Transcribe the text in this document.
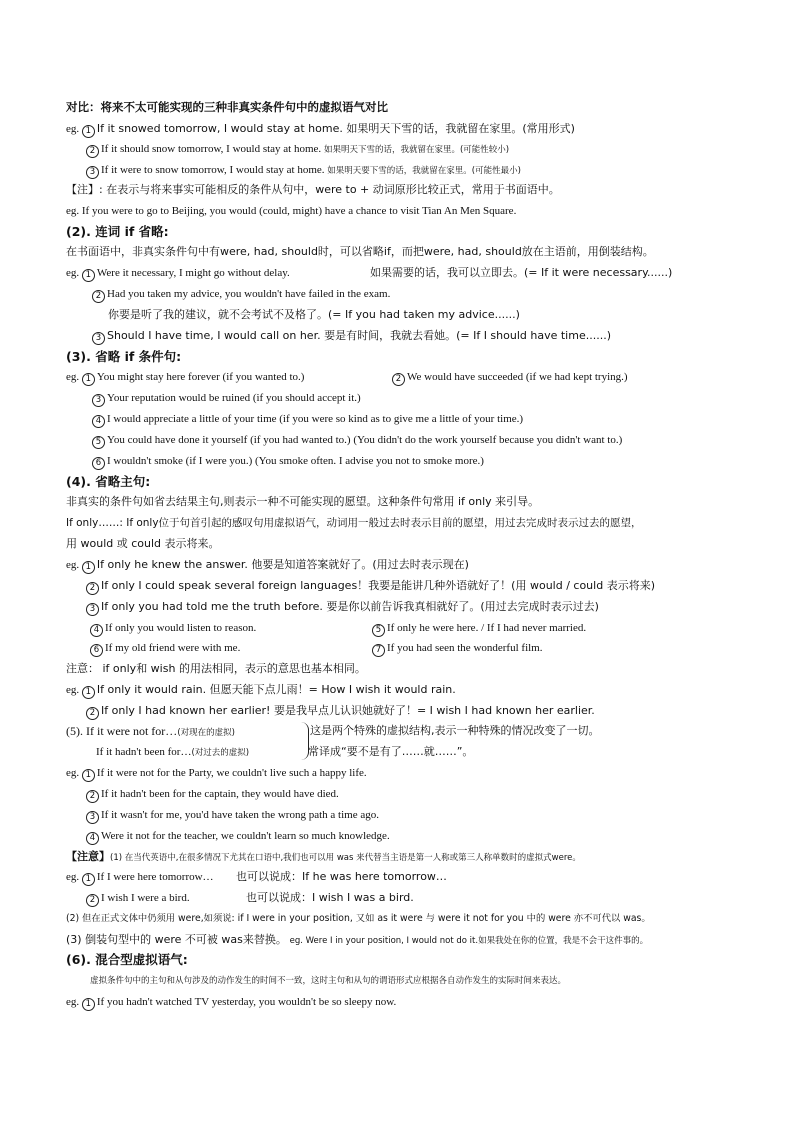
对比：将来不太可能实现的三种非真实条件句中的虚拟语气对比
eg. 1 If it snowed tomorrow, I would stay at home. 如果明天下雪的话，我就留在家里。(常用形式)
2 If it should snow tomorrow, I would stay at home. 如果明天下雪的话，我就留在家里。(可能性较小)
3 If it were to snow tomorrow, I would stay at home. 如果明天要下雪的话，我就留在家里。(可能性最小)
【注】: 在表示与将来事实可能相反的条件从句中，were to + 动词原形比较正式，常用于书面语中。
eg. If you were to go to Beijing, you would (could, might) have a chance to visit Tian An Men Square.
(2). 连词 if 省略:
在书面语中，非真实条件句中有were, had, should时，可以省略if，而把were, had, should放在主语前，用倒装结构。
eg. 1 Were it necessary, I might go without delay.	如果需要的话，我可以立即去。(= If it were necessary......)
2 Had you taken my advice, you wouldn't have failed in the exam.
你要是听了我的建议，就不会考试不及格了。(= If you had taken my advice......)
3 Should I have time, I would call on her. 要是有时间，我就去看她。(= If I should have time......)
(3). 省略 if 条件句:
eg. 1 You might stay here forever (if you wanted to.)	2 We would have succeeded (if we had kept trying.)
3 Your reputation would be ruined (if you should accept it.)
4 I would appreciate a little of your time (if you were so kind as to give me a little of your time.)
5 You could have done it yourself (if you had wanted to.) (You didn't do the work yourself because you didn't want to.)
6 I wouldn't smoke (if I were you.) (You smoke often. I advise you not to smoke more.)
(4). 省略主句:
非真实的条件句如省去结果主句,则表示一种不可能实现的愿望。这种条件句常用 if only 来引导。
If only……: If only位于句首引起的感叹句用虚拟语气，动词用一般过去时表示目前的愿望，用过去完成时表示过去的愿望，
用 would 或 could 表示将来。
eg. 1 If only he knew the answer. 他要是知道答案就好了。(用过去时表示现在)
2 If only I could speak several foreign languages！我要是能讲几种外语就好了！(用 would / could 表示将来)
3 If only you had told me the truth before. 要是你以前告诉我真相就好了。(用过去完成时表示过去)
4 If only you would listen to reason.	5 If only he were here. / If I had never married.
6 If my old friend were with me.	7 If you had seen the wonderful film.
注意： if only和 wish 的用法相同，表示的意思也基本相同。
eg. 1 If only it would rain. 但愿天能下点儿雨！= How I wish it would rain.
2 If only I had known her earlier! 要是我早点儿认识她就好了！= I wish I had known her earlier.
(5). If it were not for…(对现在的虚拟)
If it hadn't been for…(对过去的虚拟)
这是两个特殊的虚拟结构,表示一种特殊的情况改变了一切。
常译成“要不是有了……就……”。
eg. 1 If it were not for the Party, we couldn't live such a happy life.
2 If it hadn't been for the captain, they would have died.
3 If it wasn't for me, you'd have taken the wrong path a time ago.
4 Were it not for the teacher, we couldn't learn so much knowledge.
【注意】(1) 在当代英语中,在很多情况下尤其在口语中,我们也可以用 was 来代替当主语是第一人称或第三人称单数时的虚拟式were。
eg. 1 If I were here tomorrow… 也可以说成：If he was here tomorrow…
2 I wish I were a bird.	也可以说成：I wish I was a bird.
(2) 但在正式文体中仍须用 were,如须说: if I were in your position, 又如 as it were 与 were it not for you 中的 were 亦不可代以 was。
(3) 倒装句型中的 were 不可被 was来替换。 eg. Were I in your position, I would not do it.如果我处在你的位置，我是不会干这件事的。
(6). 混合型虚拟语气:
虚拟条件句中的主句和从句涉及的动作发生的时间不一致，这时主句和从句的谓语形式应根据各自动作发生的实际时间来表达。
eg. 1 If you hadn't watched TV yesterday, you wouldn't be so sleepy now.
